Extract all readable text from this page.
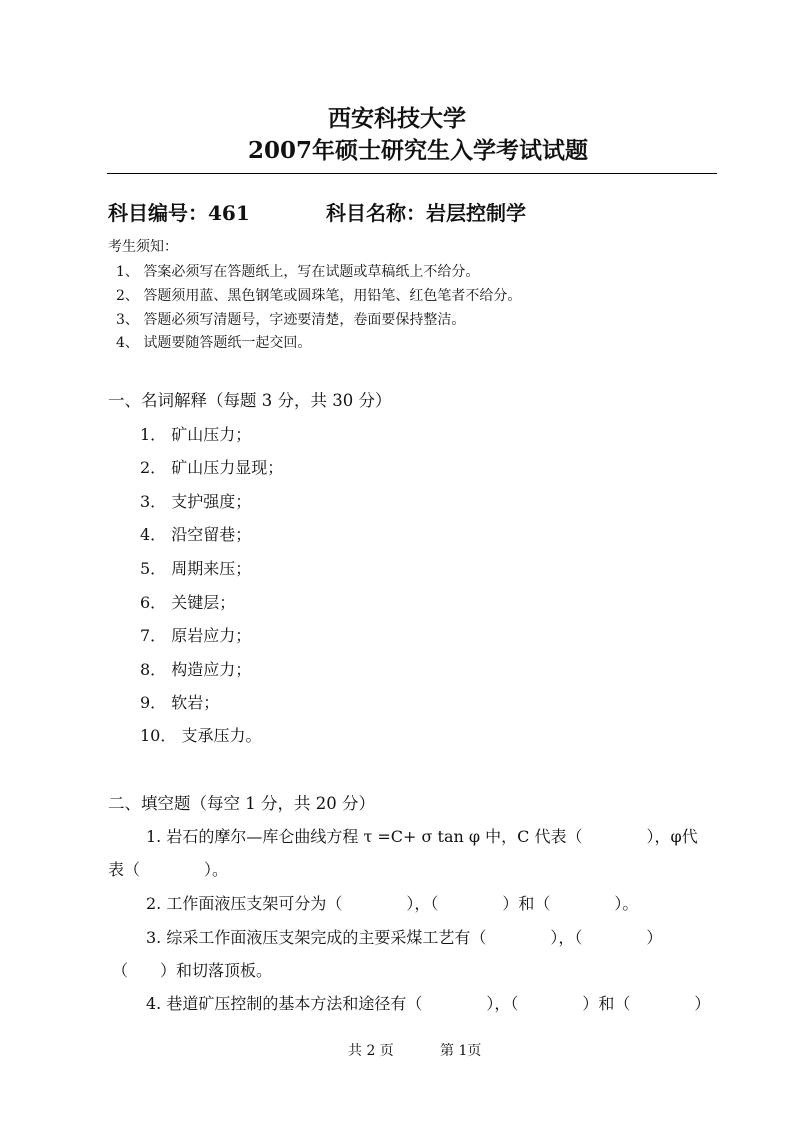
西安科技大学
2007年硕士研究生入学考试试题
科目编号：461	科目名称：岩层控制学
考生须知：
1、 答案必须写在答题纸上，写在试题或草稿纸上不给分。
2、 答题须用蓝、黑色钢笔或圆珠笔，用铅笔、红色笔者不给分。
3、 答题必须写清题号，字迹要清楚，卷面要保持整洁。
4、 试题要随答题纸一起交回。
一、名词解释（每题 3 分，共 30 分）
1． 矿山压力；
2． 矿山压力显现；
3． 支护强度；
4． 沿空留巷；
5． 周期来压；
6． 关键层；
7． 原岩应力；
8． 构造应力；
9． 软岩；
10． 支承压力。
二、填空题（每空 1 分，共 20 分）
1. 岩石的摩尔—库仑曲线方程 τ =C+ σ tan φ 中，C 代表（　　　　），φ代
表（　　　　）。
2. 工作面液压支架可分为（　　　　），（　　　　）和（　　　　）。
3. 综采工作面液压支架完成的主要采煤工艺有（　　　　），（　　　　）
（　　）和切落顶板。
4. 巷道矿压控制的基本方法和途径有（　　　　），（　　　　）和（　　　　）
共 2 页	第 1页
